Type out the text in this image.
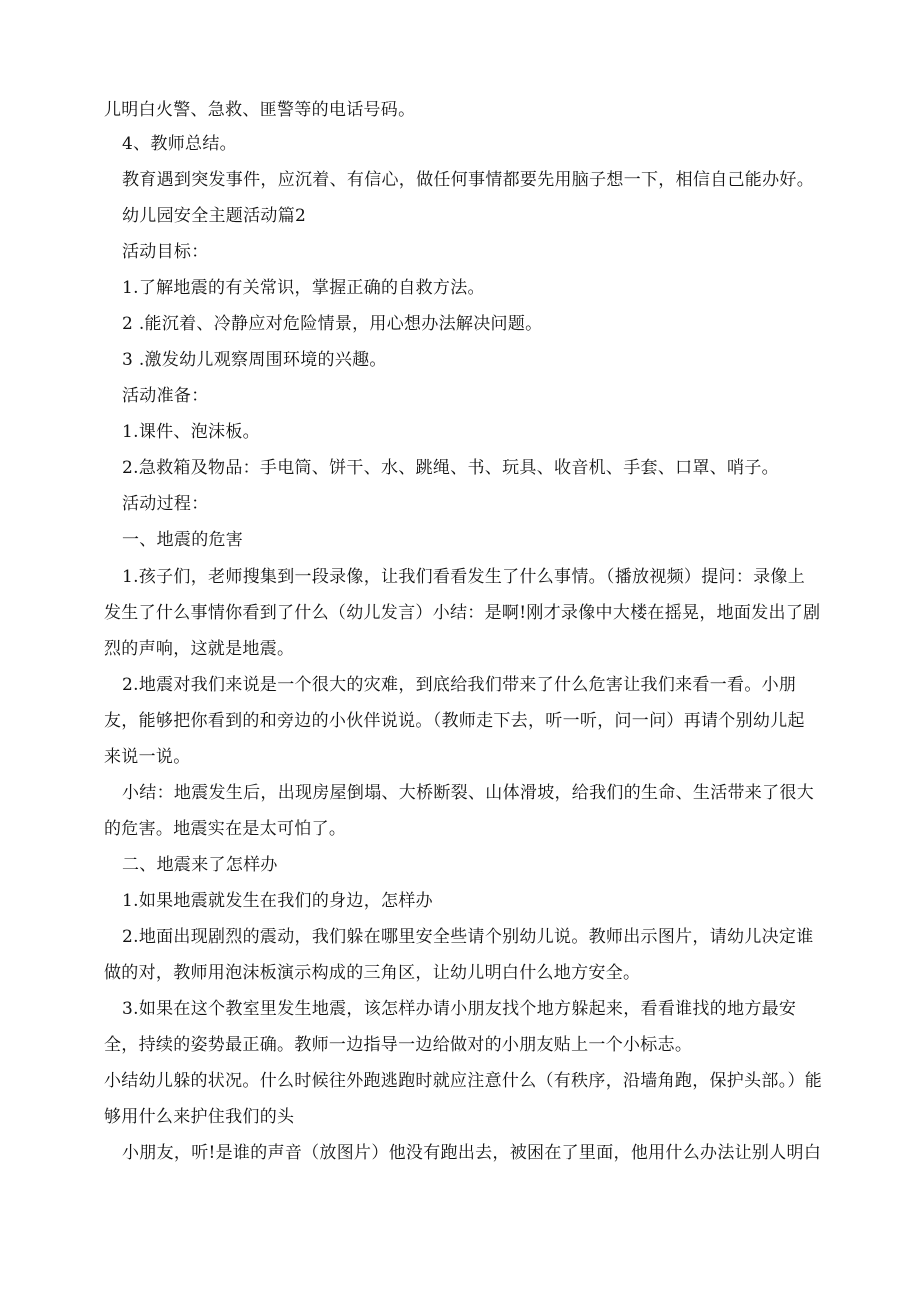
儿明白火警、急救、匪警等的电话号码。
4、教师总结。
教育遇到突发事件，应沉着、有信心，做任何事情都要先用脑子想一下，相信自己能办好。
幼儿园安全主题活动篇2
活动目标：
1.了解地震的有关常识，掌握正确的自救方法。
2 .能沉着、冷静应对危险情景，用心想办法解决问题。
3 .激发幼儿观察周围环境的兴趣。
活动准备：
1.课件、泡沫板。
2.急救箱及物品：手电筒、饼干、水、跳绳、书、玩具、收音机、手套、口罩、哨子。
活动过程：
一、地震的危害
1.孩子们，老师搜集到一段录像，让我们看看发生了什么事情。（播放视频）提问：录像上
发生了什么事情你看到了什么（幼儿发言）小结：是啊!刚才录像中大楼在摇晃，地面发出了剧
烈的声响，这就是地震。
2.地震对我们来说是一个很大的灾难，到底给我们带来了什么危害让我们来看一看。小朋
友，能够把你看到的和旁边的小伙伴说说。（教师走下去，听一听，问一问）再请个别幼儿起
来说一说。
小结：地震发生后，出现房屋倒塌、大桥断裂、山体滑坡，给我们的生命、生活带来了很大
的危害。地震实在是太可怕了。
二、地震来了怎样办
1.如果地震就发生在我们的身边，怎样办
2.地面出现剧烈的震动，我们躲在哪里安全些请个别幼儿说。教师出示图片，请幼儿决定谁
做的对，教师用泡沫板演示构成的三角区，让幼儿明白什么地方安全。
3.如果在这个教室里发生地震，该怎样办请小朋友找个地方躲起来，看看谁找的地方最安
全，持续的姿势最正确。教师一边指导一边给做对的小朋友贴上一个小标志。
小结幼儿躲的状况。什么时候往外跑逃跑时就应注意什么（有秩序，沿墙角跑，保护头部。）能
够用什么来护住我们的头
小朋友，听!是谁的声音（放图片）他没有跑出去，被困在了里面，他用什么办法让别人明白
